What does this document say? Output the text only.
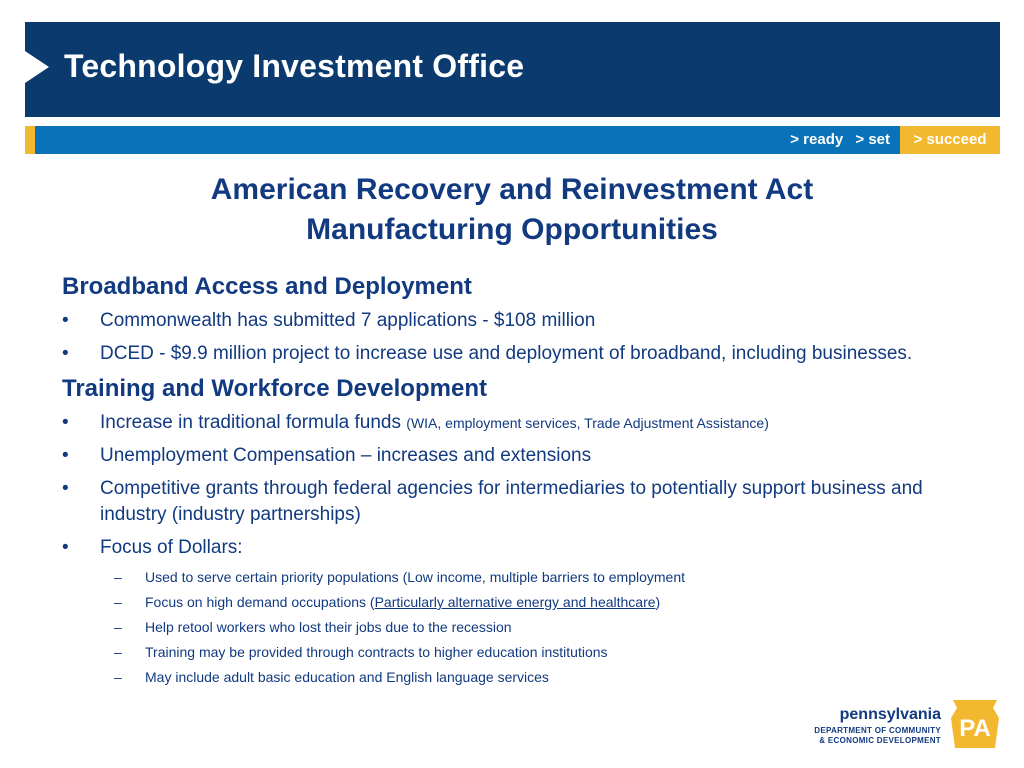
Technology Investment Office
> ready > set	> succeed
American Recovery and Reinvestment Act
Manufacturing Opportunities
Broadband Access and Deployment
•	Commonwealth has submitted 7 applications - $108 million
•	DCED - $9.9 million project to increase use and deployment of broadband, including businesses.
Training and Workforce Development
•	Increase in traditional formula funds (WIA, employment services, Trade Adjustment Assistance)
•	Unemployment Compensation – increases and extensions
•	Competitive grants through federal agencies for intermediaries to potentially support business and industry (industry partnerships)
•	Focus of Dollars:
– Used to serve certain priority populations (Low income, multiple barriers to employment
– Focus on high demand occupations (Particularly alternative energy and healthcare)
– Help retool workers who lost their jobs due to the recession
– Training may be provided through contracts to higher education institutions
– May include adult basic education and English language services
pennsylvania
DEPARTMENT OF COMMUNITY
& ECONOMIC DEVELOPMENT PA
